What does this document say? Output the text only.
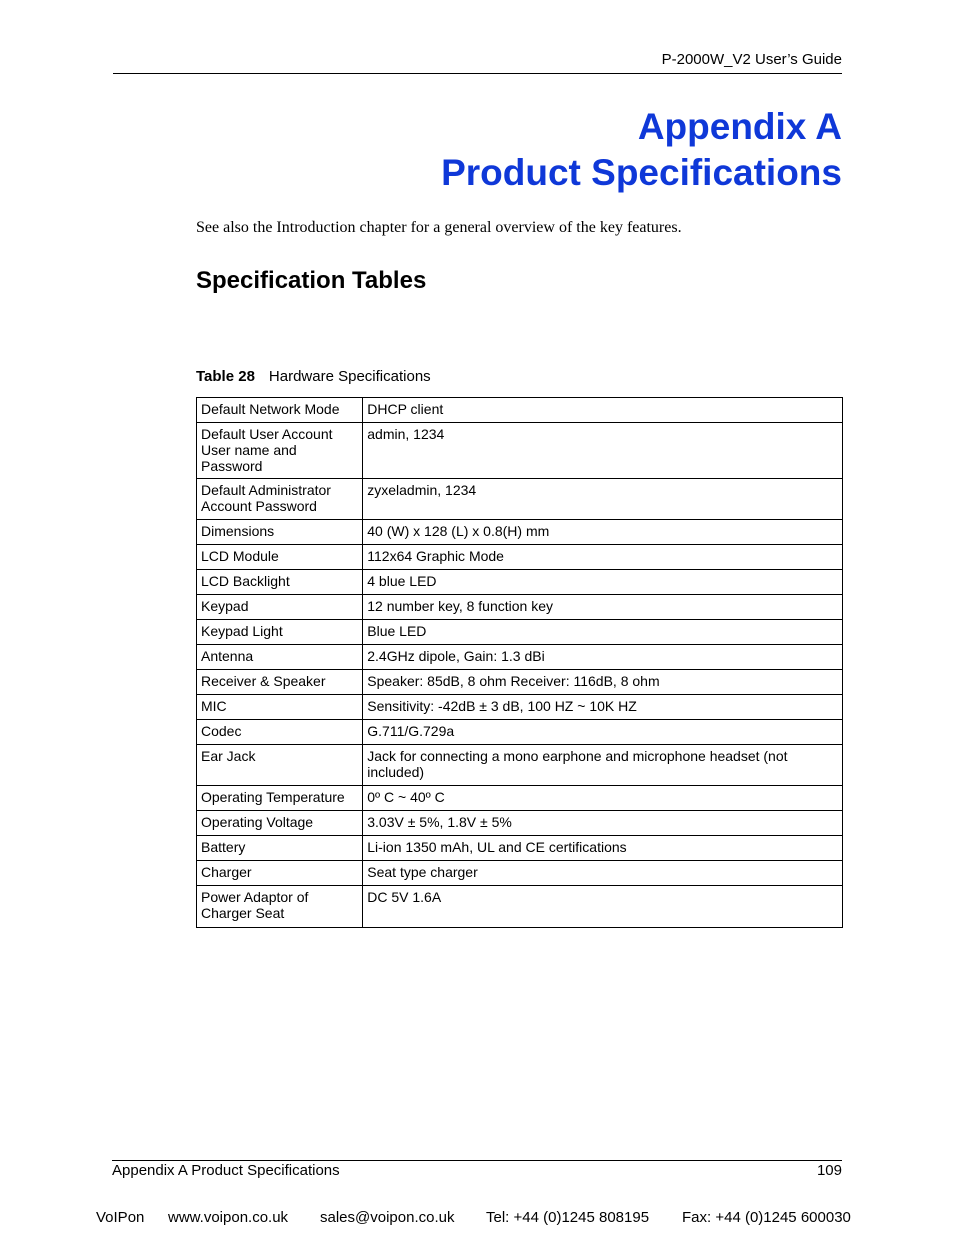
P-2000W_V2 User’s Guide
Appendix A
Product Specifications

See also the Introduction chapter for a general overview of the key features.

Specification Tables
Table 28 Hardware Specifications
Default Network Mode	DHCP client
Default User Account User name and Password	admin, 1234
Default Administrator Account Password	zyxeladmin, 1234
Dimensions	40 (W) x 128 (L) x 0.8(H) mm
LCD Module	112x64 Graphic Mode
LCD Backlight	4 blue LED
Keypad	12 number key, 8 function key
Keypad Light	Blue LED
Antenna	2.4GHz dipole, Gain: 1.3 dBi
Receiver & Speaker	Speaker: 85dB, 8 ohm Receiver: 116dB, 8 ohm
MIC	Sensitivity: -42dB ± 3 dB, 100 HZ ~ 10K HZ
Codec	G.711/G.729a
Ear Jack	Jack for connecting a mono earphone and microphone headset (not included)
Operating Temperature	0º C ~ 40º C
Operating Voltage	3.03V ± 5%, 1.8V ± 5%
Battery	Li-ion 1350 mAh, UL and CE certifications
Charger	Seat type charger
Power Adaptor of Charger Seat	DC 5V 1.6A
Appendix A Product Specifications	109
VoIPon www.voipon.co.uk sales@voipon.co.uk Tel: +44 (0)1245 808195 Fax: +44 (0)1245 600030
